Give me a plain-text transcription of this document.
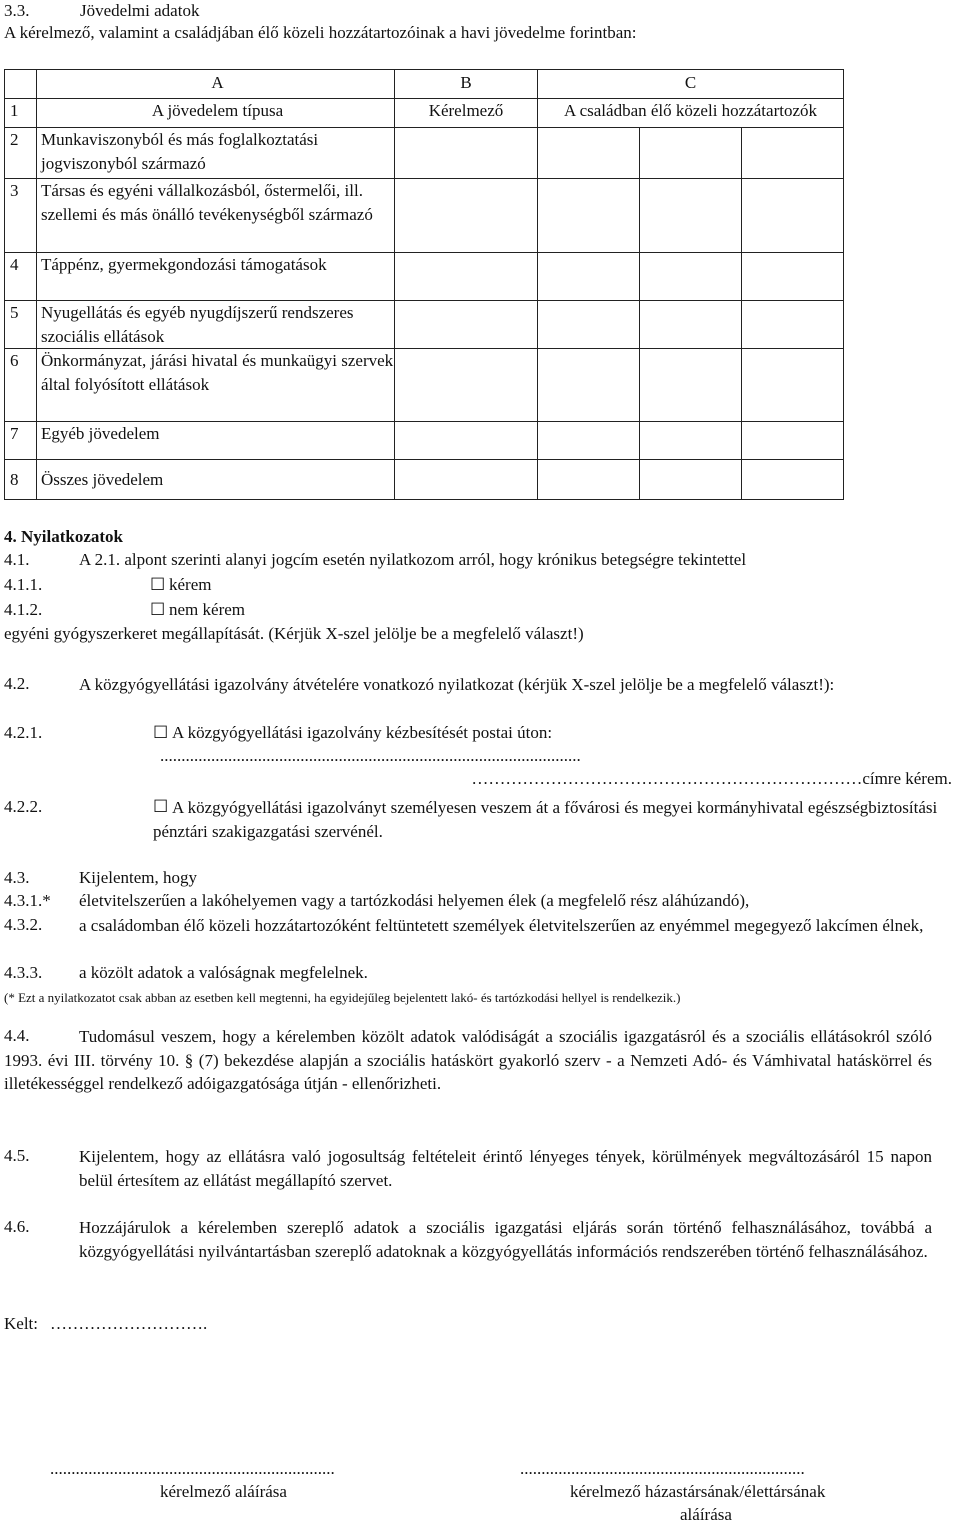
3.3.	Jövedelmi adatok
A kérelmező, valamint a családjában élő közeli hozzátartozóinak a havi jövedelme forintban:
	A	B	C		
1	A jövedelem típusa	Kérelmező	A családban élő közeli hozzátartozók		
2	Munkaviszonyból és más foglalkoztatási jogviszonyból származó				
3	Társas és egyéni vállalkozásból, őstermelői, ill. szellemi és más önálló tevékenységből származó				
4	Táppénz, gyermekgondozási támogatások				
5	Nyugellátás és egyéb nyugdíjszerű rendszeres szociális ellátások				
6	Önkormányzat, járási hivatal és munkaügyi szervek által folyósított ellátások				
7	Egyéb jövedelem				
8	Összes jövedelem				
4. Nyilatkozatok
4.1.	A 2.1. alpont szerinti alanyi jogcím esetén nyilatkozom arról, hogy krónikus betegségre tekintettel
4.1.1.	☐ kérem
4.1.2.	☐ nem kérem
egyéni gyógyszerkeret megállapítását. (Kérjük X-szel jelölje be a megfelelő választ!)
4.2.	A közgyógyellátási igazolvány átvételére vonatkozó nyilatkozat (kérjük X-szel jelölje be a megfelelő választ!):
4.2.1.	☐ A közgyógyellátási igazolvány kézbesítését postai úton:
...................................................................................................
……………………………………………………………címre kérem.
4.2.2.	☐ A közgyógyellátási igazolványt személyesen veszem át a fővárosi és megyei kormányhivatal egészségbiztosítási pénztári szakigazgatási szervénél.
4.3.	Kijelentem, hogy
4.3.1.* életvitelszerűen a lakóhelyemen vagy a tartózkodási helyemen élek (a megfelelő rész aláhúzandó),
4.3.2.	a családomban élő közeli hozzátartozóként feltüntetett személyek életvitelszerűen az enyémmel megegyező lakcímen élnek,
4.3.3. a közölt adatok a valóságnak megfelelnek.
(* Ezt a nyilatkozatot csak abban az esetben kell megtenni, ha egyidejűleg bejelentett lakó- és tartózkodási hellyel is rendelkezik.)
4.4.	Tudomásul veszem, hogy a kérelemben közölt adatok valódiságát a szociális igazgatásról és a szociális ellátásokról szóló 1993. évi III. törvény 10. § (7) bekezdése alapján a szociális hatáskört gyakorló szerv - a Nemzeti Adó- és Vámhivatal hatáskörrel és illetékességgel rendelkező adóigazgatósága útján - ellenőrizheti.
4.5.	Kijelentem, hogy az ellátásra való jogosultság feltételeit érintő lényeges tények, körülmények megváltozásáról 15 napon belül értesítem az ellátást megállapító szervet.
4.6.	Hozzájárulok a kérelemben szereplő adatok a szociális igazgatási eljárás során történő felhasználásához, továbbá a közgyógyellátási nyilvántartásban szereplő adatoknak a közgyógyellátás információs rendszerében történő felhasználásához.
Kelt: ……………………….
...................................................................	...................................................................
kérelmező aláírása	kérelmező házastársának/élettársának
aláírása
